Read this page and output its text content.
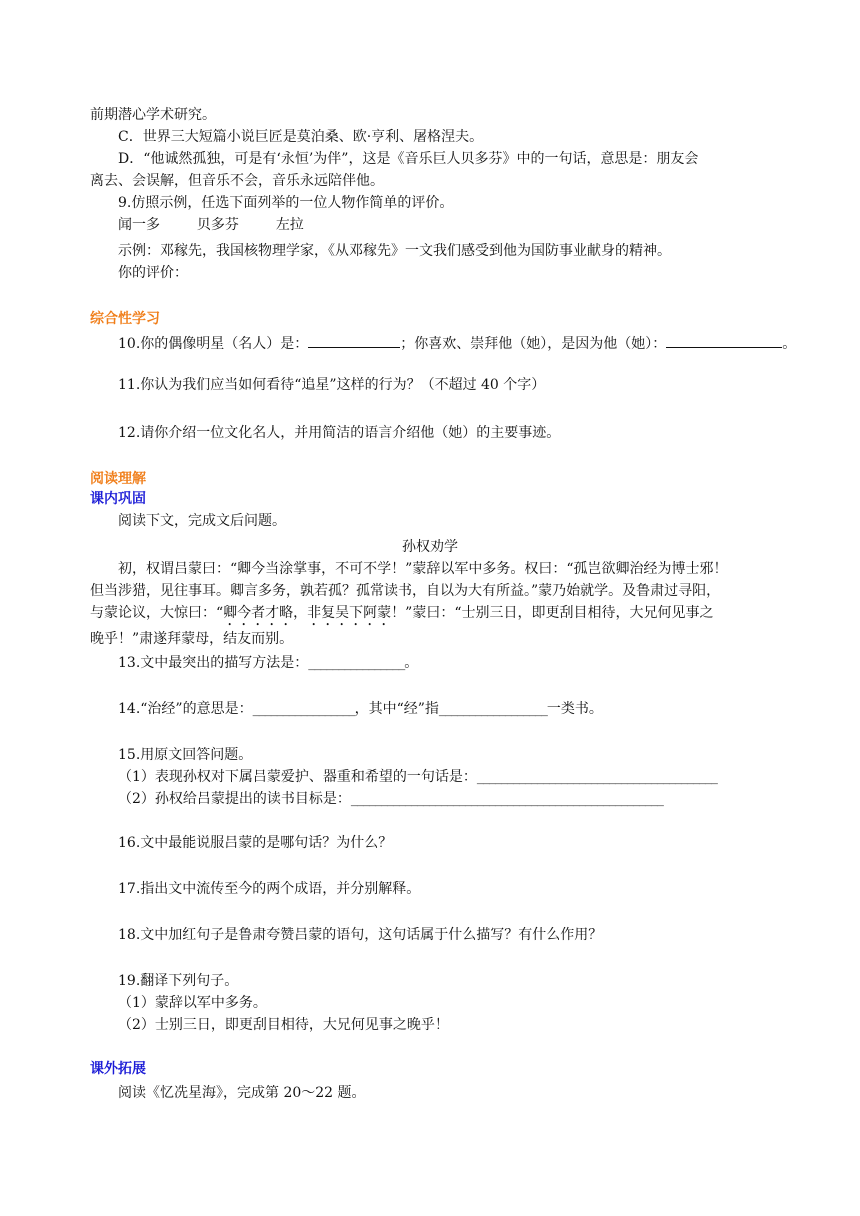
前期潜心学术研究。
C．世界三大短篇小说巨匠是莫泊桑、欧·亨利、屠格涅夫。
D．“他诚然孤独，可是有‘永恒’为伴”，这是《音乐巨人贝多芬》中的一句话，意思是：朋友会
离去、会误解，但音乐不会，音乐永远陪伴他。
9.仿照示例，任选下面列举的一位人物作简单的评价。
闻一多	贝多芬	左拉
示例：邓稼先，我国核物理学家，《从邓稼先》一文我们感受到他为国防事业献身的精神。
你的评价：
综合性学习
10.你的偶像明星（名人）是：	；你喜欢、崇拜他（她），是因为他（她）：	。
11.你认为我们应当如何看待“追星”这样的行为？（不超过 40 个字）
12.请你介绍一位文化名人，并用简洁的语言介绍他（她）的主要事迹。
阅读理解
课内巩固
阅读下文，完成文后问题。
孙权劝学
初，权谓吕蒙曰：“卿今当涂掌事，不可不学！”蒙辞以军中多务。权曰：“孤岂欲卿治经为博士邪！
但当涉猎，见往事耳。卿言多务，孰若孤？孤常读书，自以为大有所益。”蒙乃始就学。及鲁肃过寻阳，
与蒙论议，大惊曰：“卿今者才略，非复吴下阿蒙！”蒙曰：“士别三日，即更刮目相待，大兄何见事之
晚乎！”肃遂拜蒙母，结友而别。
13.文中最突出的描写方法是：________________。
14.“治经”的意思是：_________________，其中“经”指__________________一类书。
15.用原文回答问题。
（1）表现孙权对下属吕蒙爱护、器重和希望的一句话是：________________________________________
（2）孙权给吕蒙提出的读书目标是：____________________________________________________
16.文中最能说服吕蒙的是哪句话？为什么？
17.指出文中流传至今的两个成语，并分别解释。
18.文中加红句子是鲁肃夸赞吕蒙的语句，这句话属于什么描写？有什么作用？
19.翻译下列句子。
（1）蒙辞以军中多务。
（2）士别三日，即更刮目相待，大兄何见事之晚乎！
课外拓展
阅读《忆冼星海》，完成第 20～22 题。
